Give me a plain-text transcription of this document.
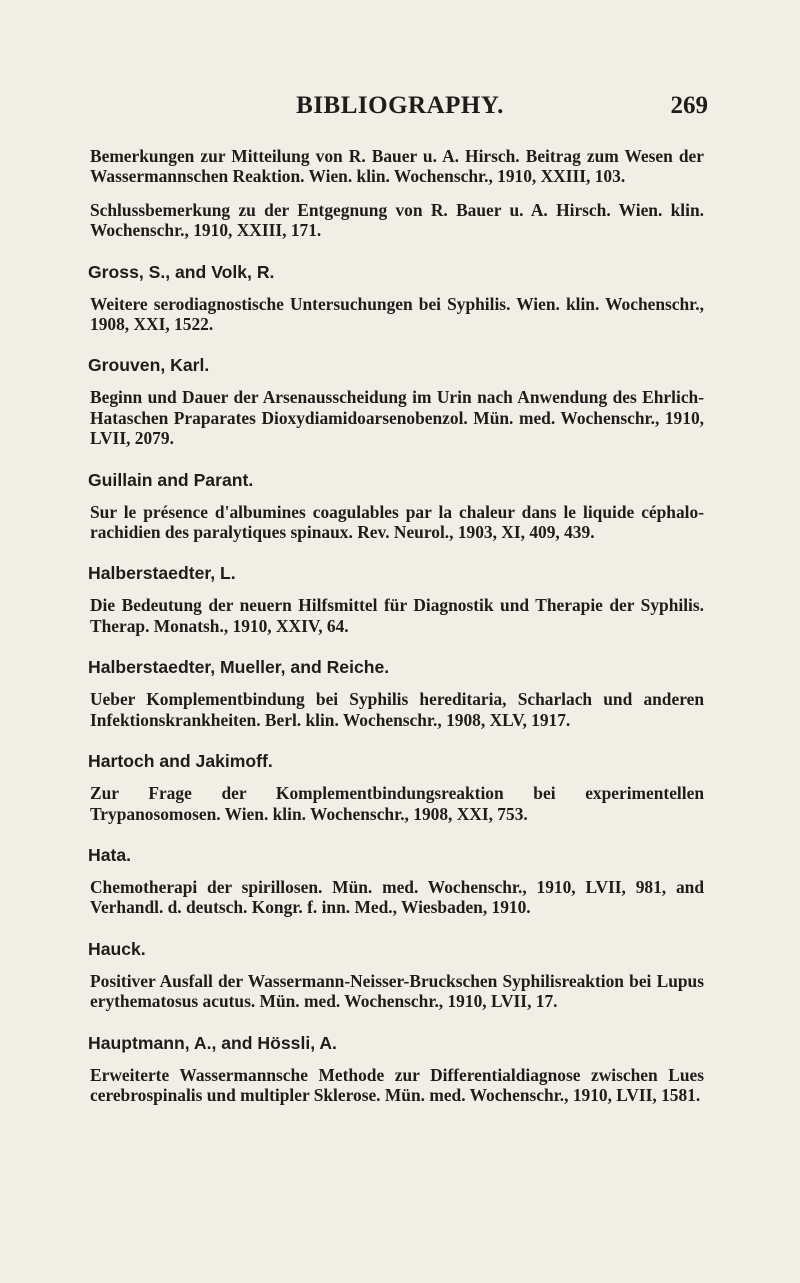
BIBLIOGRAPHY.	269

Bemerkungen zur Mitteilung von R. Bauer u. A. Hirsch. Beitrag zum Wesen der Wassermannschen Reaktion. Wien. klin. Wochenschr., 1910, XXIII, 103.

Schlussbemerkung zu der Entgegnung von R. Bauer u. A. Hirsch. Wien. klin. Wochenschr., 1910, XXIII, 171.

Gross, S., and Volk, R.

Weitere serodiagnostische Untersuchungen bei Syphilis. Wien. klin. Wochenschr., 1908, XXI, 1522.

Grouven, Karl.

Beginn und Dauer der Arsenausscheidung im Urin nach Anwendung des Ehrlich-Hataschen Praparates Dioxydiamidoarsenobenzol. Mün. med. Wochenschr., 1910, LVII, 2079.

Guillain and Parant.

Sur le présence d'albumines coagulables par la chaleur dans le liquide céphalo-rachidien des paralytiques spinaux. Rev. Neurol., 1903, XI, 409, 439.

Halberstaedter, L.

Die Bedeutung der neuern Hilfsmittel für Diagnostik und Therapie der Syphilis. Therap. Monatsh., 1910, XXIV, 64.

Halberstaedter, Mueller, and Reiche.

Ueber Komplementbindung bei Syphilis hereditaria, Scharlach und anderen Infektionskrankheiten. Berl. klin. Wochenschr., 1908, XLV, 1917.

Hartoch and Jakimoff.

Zur Frage der Komplementbindungsreaktion bei experimentellen Trypanosomosen. Wien. klin. Wochenschr., 1908, XXI, 753.

Hata.

Chemotherapi der spirillosen. Mün. med. Wochenschr., 1910, LVII, 981, and Verhandl. d. deutsch. Kongr. f. inn. Med., Wiesbaden, 1910.

Hauck.

Positiver Ausfall der Wassermann-Neisser-Bruckschen Syphilisreaktion bei Lupus erythematosus acutus. Mün. med. Wochenschr., 1910, LVII, 17.

Hauptmann, A., and Hössli, A.

Erweiterte Wassermannsche Methode zur Differentialdiagnose zwischen Lues cerebrospinalis und multipler Sklerose. Mün. med. Wochenschr., 1910, LVII, 1581.
